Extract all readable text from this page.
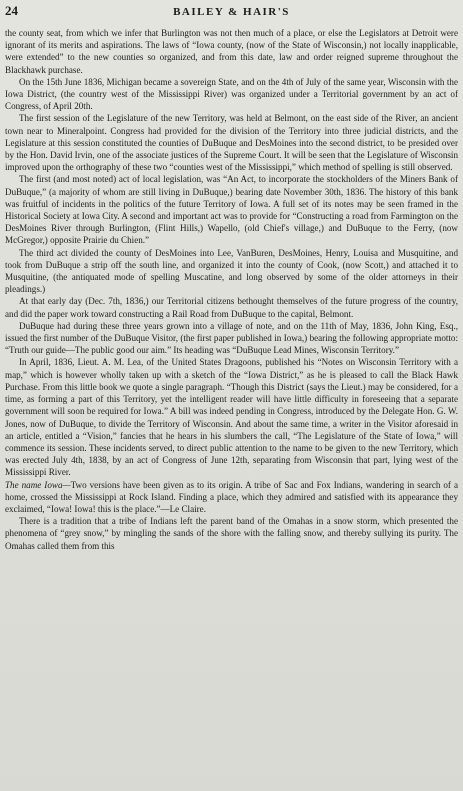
24	BAILEY & HAIR'S

the county seat, from which we infer that Burlington was not then much of a place, or else the Legislators at Detroit were ignorant of its merits and aspirations. The laws of “Iowa county, (now of the State of Wisconsin,) not locally inapplicable, were extended” to the new counties so organized, and from this date, law and order reigned supreme throughout the Blackhawk purchase.

On the 15th June 1836, Michigan became a sovereign State, and on the 4th of July of the same year, Wisconsin with the Iowa District, (the country west of the Mississippi River) was organized under a Territorial government by an act of Congress, of April 20th.

The first session of the Legislature of the new Territory, was held at Belmont, on the east side of the River, an ancient town near to Mineralpoint. Congress had provided for the division of the Territory into three judicial districts, and the Legislature at this session constituted the counties of DuBuque and DesMoines into the second district, to be presided over by the Hon. David Irvin, one of the associate justices of the Supreme Court. It will be seen that the Legislature of Wisconsin improved upon the orthography of these two “counties west of the Mississippi,” which method of spelling is still observed.

The first (and most noted) act of local legislation, was “An Act, to incorporate the stockholders of the Miners Bank of DuBuque,” (a majority of whom are still living in DuBuque,) bearing date November 30th, 1836. The history of this bank was fruitful of incidents in the politics of the future Territory of Iowa. A full set of its notes may be seen framed in the Historical Society at Iowa City. A second and important act was to provide for “Constructing a road from Farmington on the DesMoines River through Burlington, (Flint Hills,) Wapello, (old Chief's village,) and DuBuque to the Ferry, (now McGregor,) opposite Prairie du Chien.”

The third act divided the county of DesMoines into Lee, VanBuren, DesMoines, Henry, Louisa and Musquitine, and took from DuBuque a strip off the south line, and organized it into the county of Cook, (now Scott,) and attached it to Musquitine, (the antiquated mode of spelling Muscatine, and long observed by some of the older attorneys in their pleadings.)

At that early day (Dec. 7th, 1836,) our Territorial citizens bethought themselves of the future progress of the country, and did the paper work toward constructing a Rail Road from DuBuque to the capital, Belmont.

DuBuque had during these three years grown into a village of note, and on the 11th of May, 1836, John King, Esq., issued the first number of the DuBuque Visitor, (the first paper published in Iowa,) bearing the following appropriate motto: “Truth our guide—The public good our aim.” Its heading was “DuBuque Lead Mines, Wisconsin Territory.”

In April, 1836, Lieut. A. M. Lea, of the United States Dragoons, published his “Notes on Wisconsin Territory with a map,” which is however wholly taken up with a sketch of the “Iowa District,” as he is pleased to call the Black Hawk Purchase. From this little book we quote a single paragraph. “Though this District (says the Lieut.) may be considered, for a time, as forming a part of this Territory, yet the intelligent reader will have little difficulty in foreseeing that a separate government will soon be required for Iowa.” A bill was indeed pending in Congress, introduced by the Delegate Hon. G. W. Jones, now of DuBuque, to divide the Territory of Wisconsin. And about the same time, a writer in the Visitor aforesaid in an article, entitled a “Vision,” fancies that he hears in his slumbers the call, “The Legislature of the State of Iowa,” will commence its session. These incidents served, to direct public attention to the name to be given to the new Territory, which was erected July 4th, 1838, by an act of Congress of June 12th, separating from Wisconsin that part, lying west of the Mississippi River.

The name Iowa—Two versions have been given as to its origin. A tribe of Sac and Fox Indians, wandering in search of a home, crossed the Mississippi at Rock Island. Finding a place, which they admired and satisfied with its appearance they exclaimed, “Iowa! Iowa! this is the place.”—Le Claire.

There is a tradition that a tribe of Indians left the parent band of the Omahas in a snow storm, which presented the phenomena of “grey snow,” by mingling the sands of the shore with the falling snow, and thereby sullying its purity. The Omahas called them from this
